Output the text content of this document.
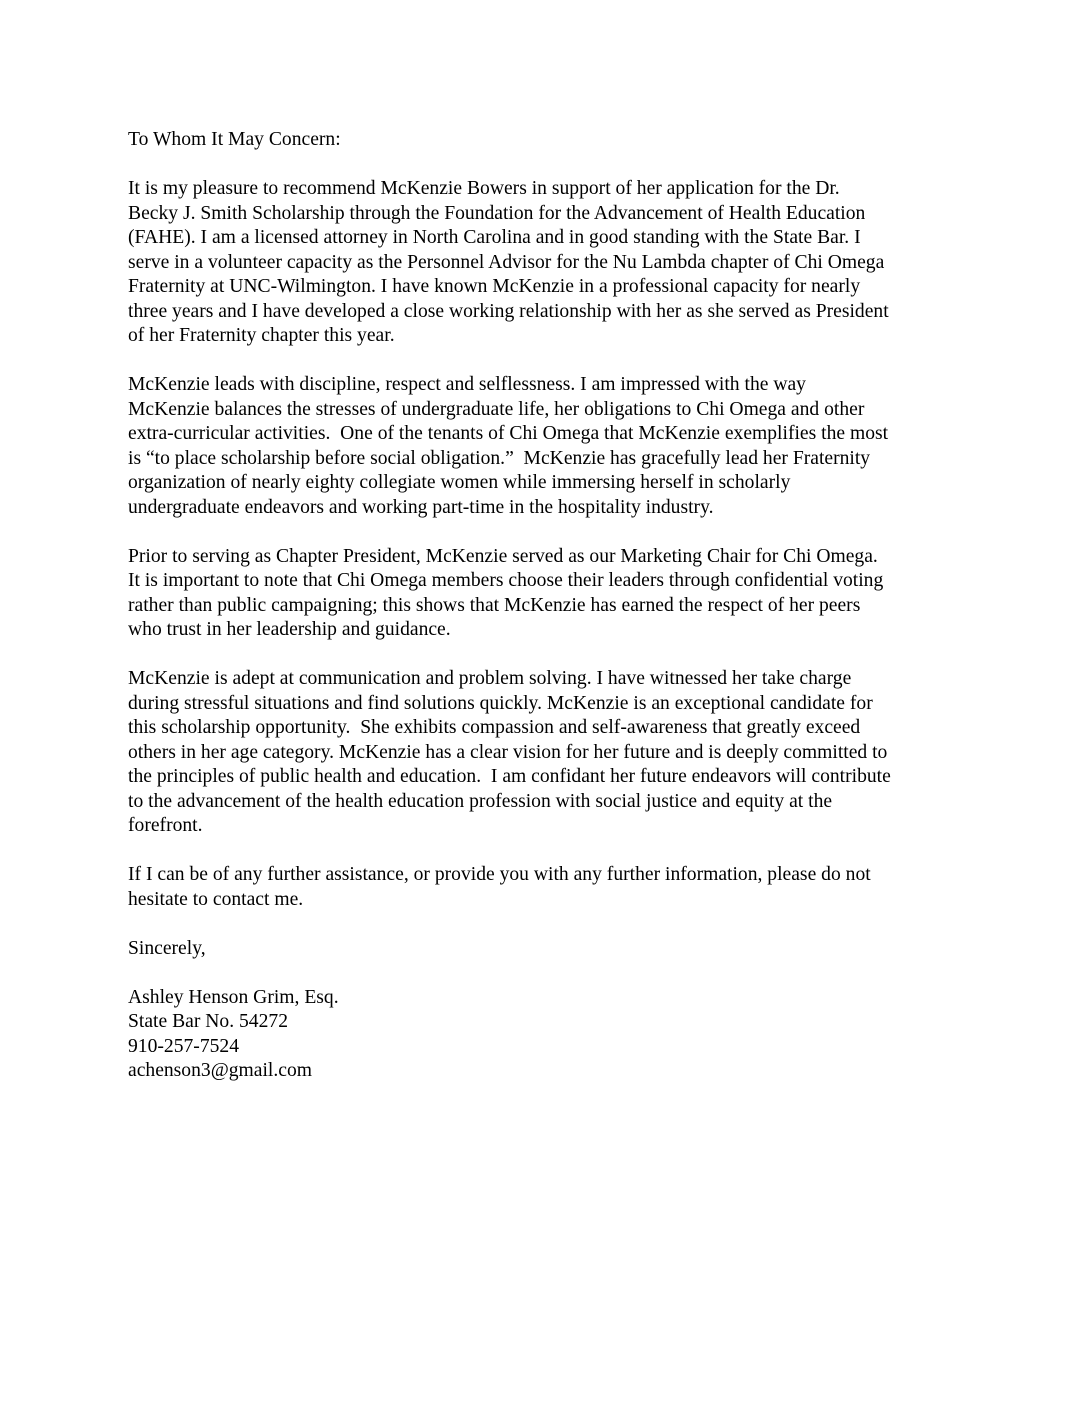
To Whom It May Concern:

It is my pleasure to recommend McKenzie Bowers in support of her application for the Dr.
Becky J. Smith Scholarship through the Foundation for the Advancement of Health Education
(FAHE). I am a licensed attorney in North Carolina and in good standing with the State Bar. I
serve in a volunteer capacity as the Personnel Advisor for the Nu Lambda chapter of Chi Omega
Fraternity at UNC-Wilmington. I have known McKenzie in a professional capacity for nearly
three years and I have developed a close working relationship with her as she served as President
of her Fraternity chapter this year.

McKenzie leads with discipline, respect and selflessness. I am impressed with the way
McKenzie balances the stresses of undergraduate life, her obligations to Chi Omega and other
extra-curricular activities.  One of the tenants of Chi Omega that McKenzie exemplifies the most
is “to place scholarship before social obligation.”  McKenzie has gracefully lead her Fraternity
organization of nearly eighty collegiate women while immersing herself in scholarly
undergraduate endeavors and working part-time in the hospitality industry.

Prior to serving as Chapter President, McKenzie served as our Marketing Chair for Chi Omega.
It is important to note that Chi Omega members choose their leaders through confidential voting
rather than public campaigning; this shows that McKenzie has earned the respect of her peers
who trust in her leadership and guidance.

McKenzie is adept at communication and problem solving. I have witnessed her take charge
during stressful situations and find solutions quickly. McKenzie is an exceptional candidate for
this scholarship opportunity.  She exhibits compassion and self-awareness that greatly exceed
others in her age category. McKenzie has a clear vision for her future and is deeply committed to
the principles of public health and education.  I am confidant her future endeavors will contribute
to the advancement of the health education profession with social justice and equity at the
forefront.

If I can be of any further assistance, or provide you with any further information, please do not
hesitate to contact me.

Sincerely,

Ashley Henson Grim, Esq.
State Bar No. 54272
910-257-7524
achenson3@gmail.com
